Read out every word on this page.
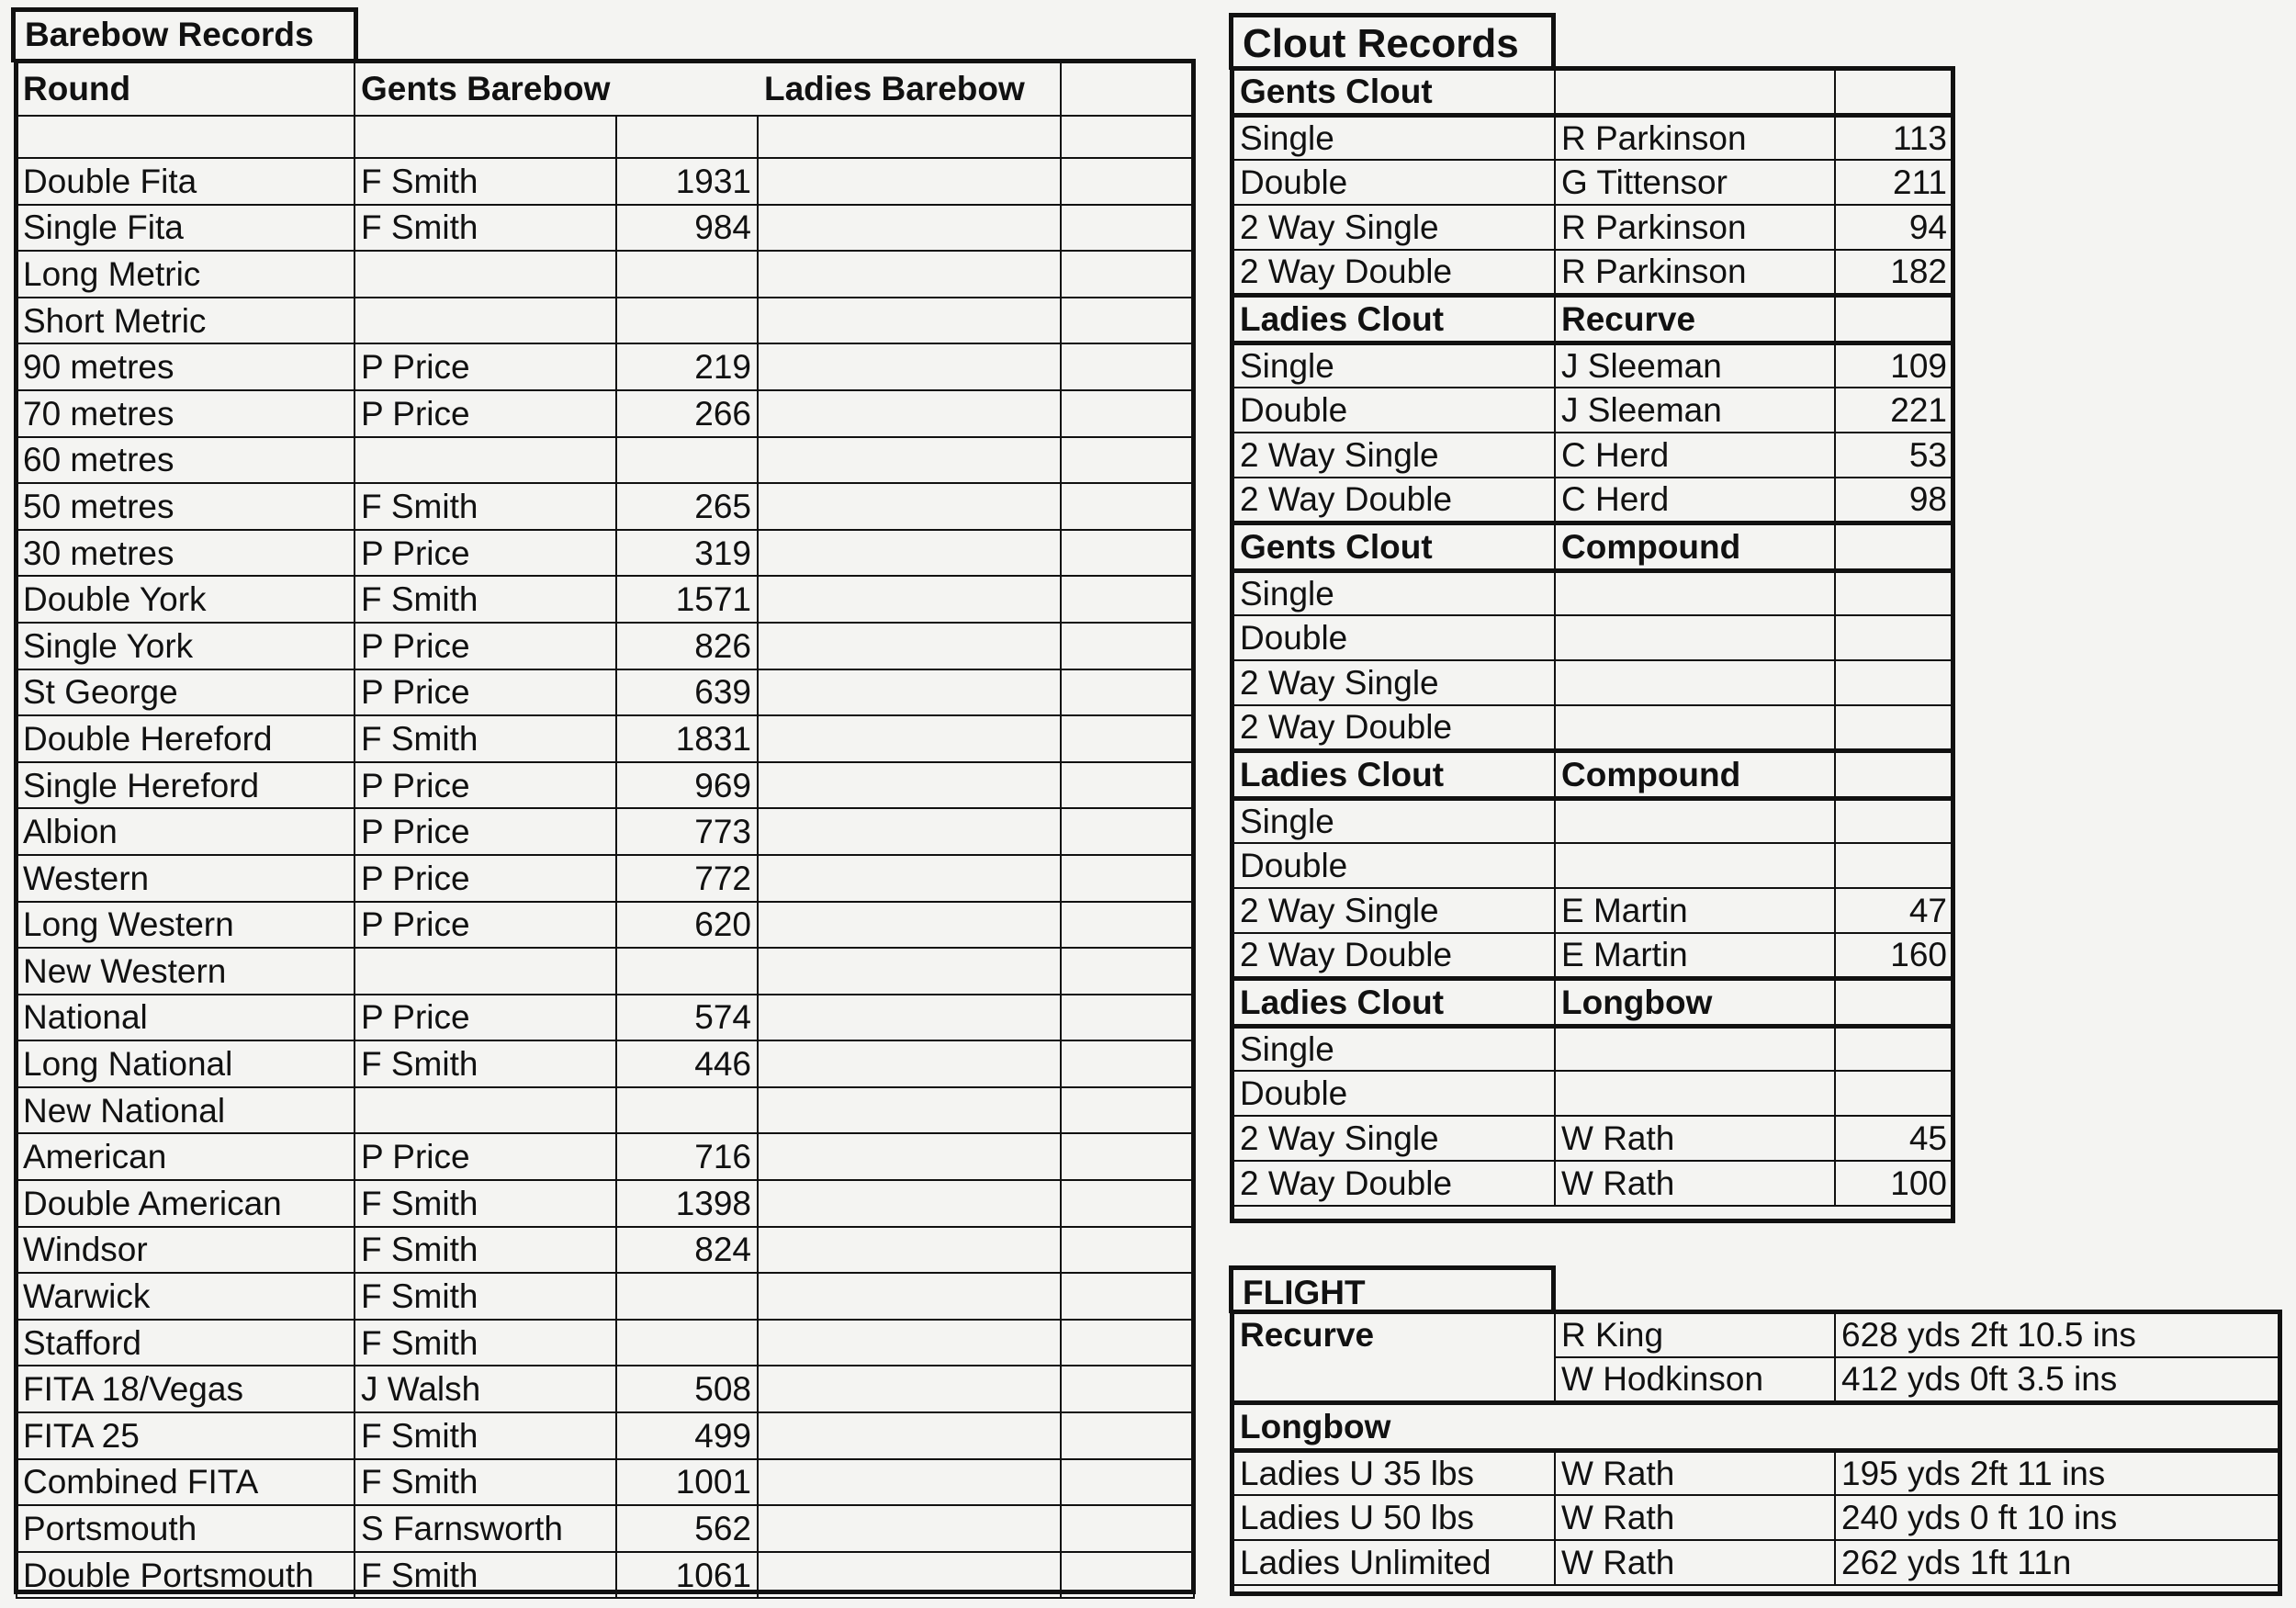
Barebow Records
Round	Gents Barebow		Ladies Barebow	

Double Fita	F Smith	1931		
Single Fita	F Smith	984		
Long Metric				
Short Metric				
90 metres	P Price	219		
70 metres	P Price	266		
60 metres				
50 metres	F Smith	265		
30 metres	P Price	319		
Double York	F Smith	1571		
Single York	P Price	826		
St George	P Price	639		
Double Hereford	F Smith	1831		
Single Hereford	P Price	969		
Albion	P Price	773		
Western	P Price	772		
Long Western	P Price	620		
New Western				
National	P Price	574		
Long National	F Smith	446		
New National				
American	P Price	716		
Double American	F Smith	1398		
Windsor	F Smith	824		
Warwick	F Smith			
Stafford	F Smith			
FITA 18/Vegas	J Walsh	508		
FITA 25	F Smith	499		
Combined FITA	F Smith	1001		
Portsmouth	S Farnsworth	562		
Double Portsmouth	F Smith	1061		
Clout Records
Gents Clout		
Single	R Parkinson	113
Double	G Tittensor	211
2 Way Single	R Parkinson	94
2 Way Double	R Parkinson	182
Ladies Clout	Recurve	
Single	J Sleeman	109
Double	J Sleeman	221
2 Way Single	C Herd	53
2 Way Double	C Herd	98
Gents Clout	Compound	
Single		
Double		
2 Way Single		
2 Way Double		
Ladies Clout	Compound	
Single		
Double		
2 Way Single	E Martin	47
2 Way Double	E Martin	160
Ladies Clout	Longbow	
Single		
Double		
2 Way Single	W Rath	45
2 Way Double	W Rath	100
FLIGHT
Recurve	R King	628 yds 2ft 10.5 ins
	W Hodkinson	412 yds 0ft 3.5 ins
Longbow		
Ladies U 35 lbs	W Rath	195 yds 2ft 11 ins
Ladies U 50 lbs	W Rath	240 yds 0 ft 10 ins
Ladies Unlimited	W Rath	262 yds 1ft 11n
